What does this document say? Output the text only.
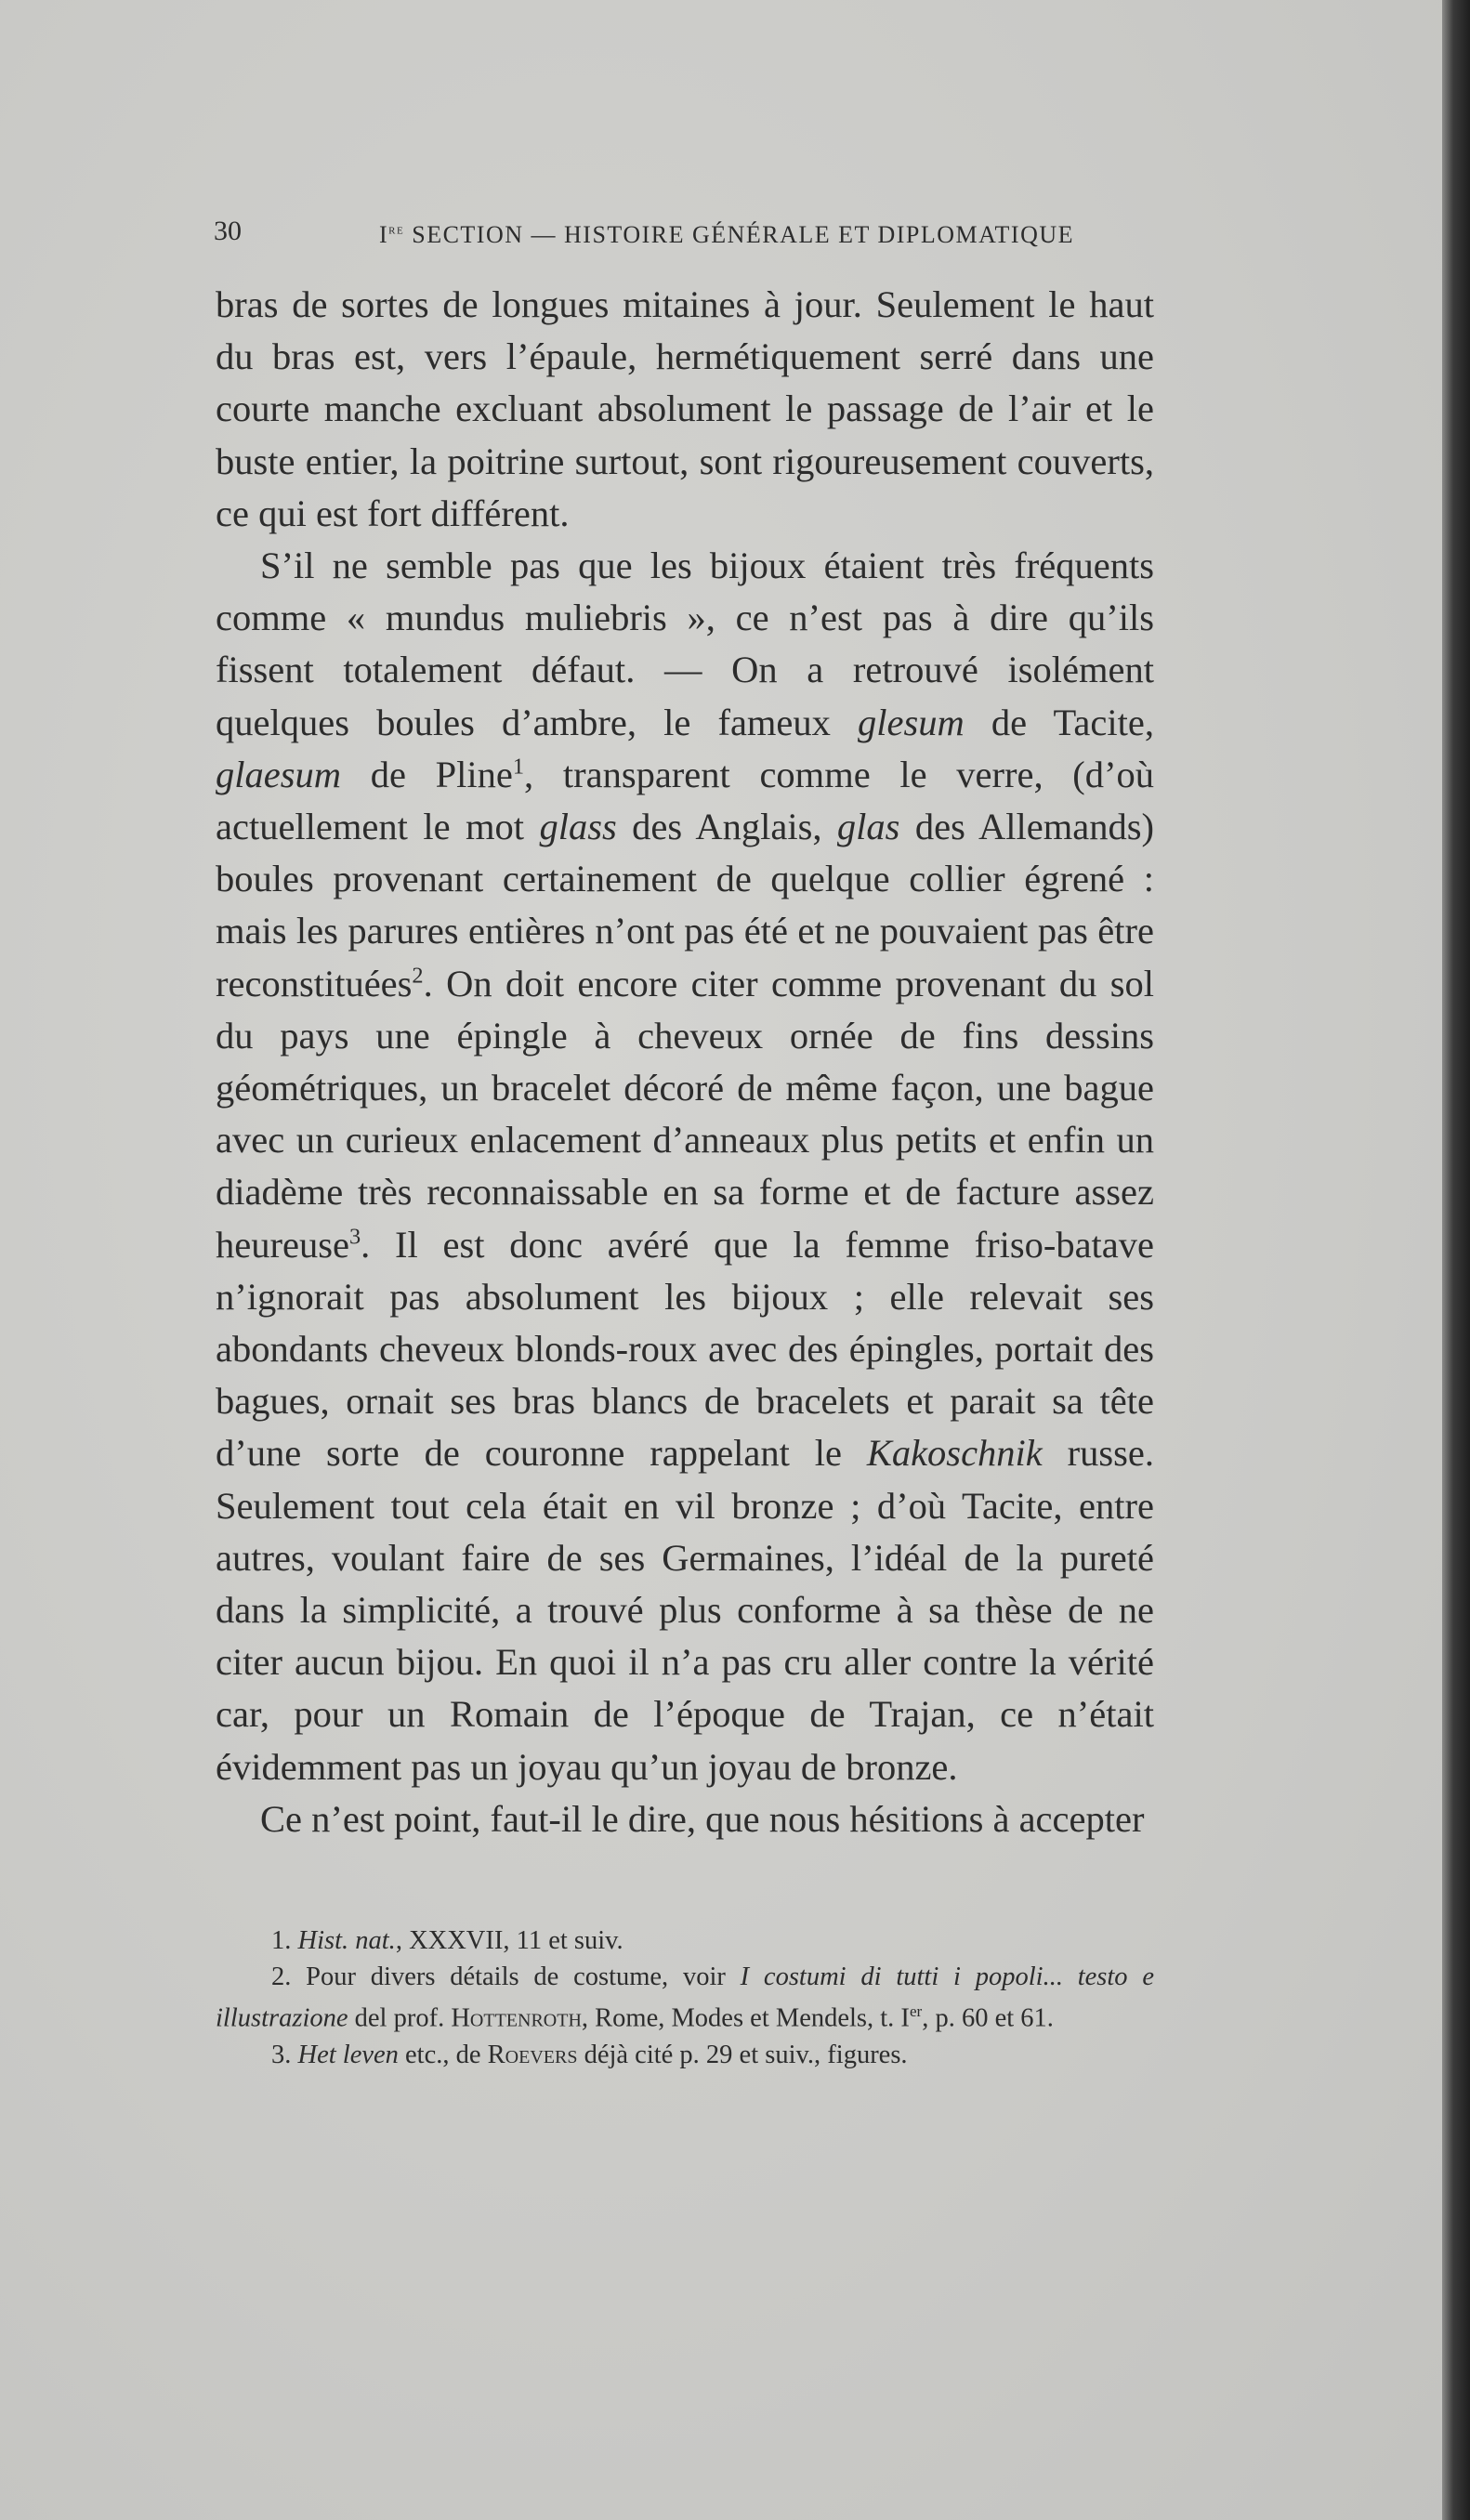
30	Ire SECTION — HISTOIRE GÉNÉRALE ET DIPLOMATIQUE

bras de sortes de longues mitaines à jour. Seulement le haut du bras est, vers l’épaule, hermétiquement serré dans une courte manche excluant absolument le passage de l’air et le buste entier, la poitrine surtout, sont rigoureusement couverts, ce qui est fort différent.

S’il ne semble pas que les bijoux étaient très fréquents comme « mundus muliebris », ce n’est pas à dire qu’ils fissent totalement défaut. — On a retrouvé isolément quelques boules d’ambre, le fameux glesum de Tacite, glaesum de Pline$^1$, transparent comme le verre, (d’où actuellement le mot glass des Anglais, glas des Allemands) boules provenant certainement de quelque collier égrené : mais les parures entières n’ont pas été et ne pouvaient pas être reconstituées$^2$. On doit encore citer comme provenant du sol du pays une épingle à cheveux ornée de fins dessins géométriques, un bracelet décoré de même façon, une bague avec un curieux enlacement d’anneaux plus petits et enfin un diadème très reconnaissable en sa forme et de facture assez heureuse$^3$. Il est donc avéré que la femme friso-batave n’ignorait pas absolument les bijoux ; elle relevait ses abondants cheveux blonds-roux avec des épingles, portait des bagues, ornait ses bras blancs de bracelets et parait sa tête d’une sorte de couronne rappelant le Kakoschnik russe. Seulement tout cela était en vil bronze ; d’où Tacite, entre autres, voulant faire de ses Germaines, l’idéal de la pureté dans la simplicité, a trouvé plus conforme à sa thèse de ne citer aucun bijou. En quoi il n’a pas cru aller contre la vérité car, pour un Romain de l’époque de Trajan, ce n’était évidemment pas un joyau qu’un joyau de bronze.

Ce n’est point, faut-il le dire, que nous hésitions à accepter

1. Hist. nat., XXXVII, 11 et suiv.

2. Pour divers détails de costume, voir I costumi di tutti i popoli... testo e illustrazione del prof. Hottenroth, Rome, Modes et Mendels, t. Ier, p. 60 et 61.

3. Het leven etc., de Roevers déjà cité p. 29 et suiv., figures.
